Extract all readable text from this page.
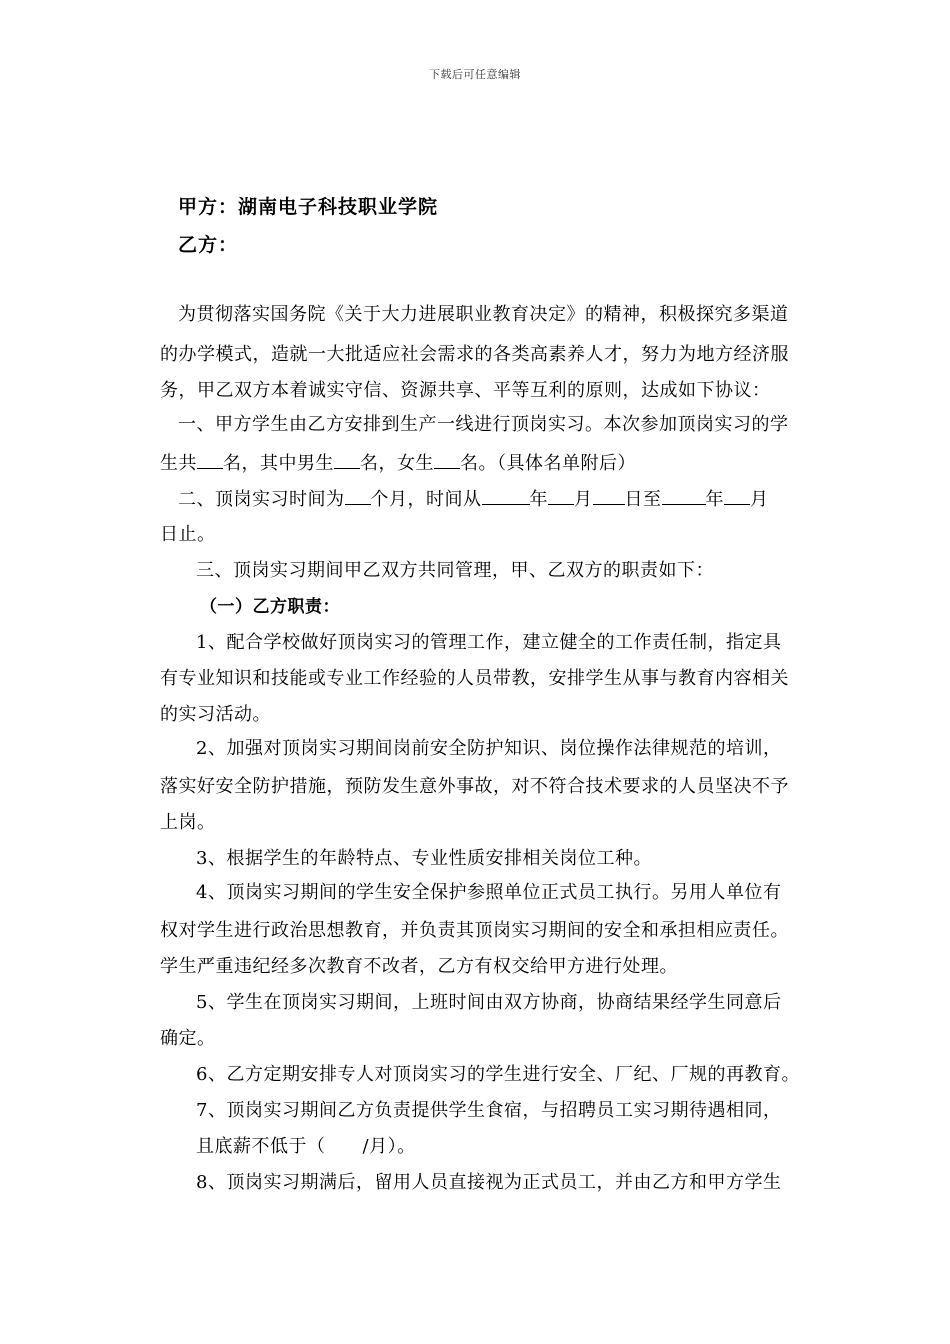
下载后可任意编辑
甲方：湖南电子科技职业学院
乙方：
为贯彻落实国务院《关于大力进展职业教育决定》的精神，积极探究多渠道
的办学模式，造就一大批适应社会需求的各类高素养人才，努力为地方经济服
务，甲乙双方本着诚实守信、资源共享、平等互利的原则，达成如下协议：
一、甲方学生由乙方安排到生产一线进行顶岗实习。本次参加顶岗实习的学
生共 名，其中男生 名，女生 名。（具体名单附后）
二、顶岗实习时间为 个月，时间从	年 月 日至 年 月
日止。
三、顶岗实习期间甲乙双方共同管理，甲、乙双方的职责如下：
（一）乙方职责：
1、配合学校做好顶岗实习的管理工作，建立健全的工作责任制，指定具
有专业知识和技能或专业工作经验的人员带教，安排学生从事与教育内容相关
的实习活动。
2、加强对顶岗实习期间岗前安全防护知识、岗位操作法律规范的培训，
落实好安全防护措施，预防发生意外事故，对不符合技术要求的人员坚决不予
上岗。
3、根据学生的年龄特点、专业性质安排相关岗位工种。
4、顶岗实习期间的学生安全保护参照单位正式员工执行。另用人单位有
权对学生进行政治思想教育，并负责其顶岗实习期间的安全和承担相应责任。
学生严重违纪经多次教育不改者，乙方有权交给甲方进行处理。
5、学生在顶岗实习期间，上班时间由双方协商，协商结果经学生同意后
确定。
6、乙方定期安排专人对顶岗实习的学生进行安全、厂纪、厂规的再教育。
7、顶岗实习期间乙方负责提供学生食宿，与招聘员工实习期待遇相同，
且底薪不低于（　　/月）。
8、顶岗实习期满后，留用人员直接视为正式员工，并由乙方和甲方学生
